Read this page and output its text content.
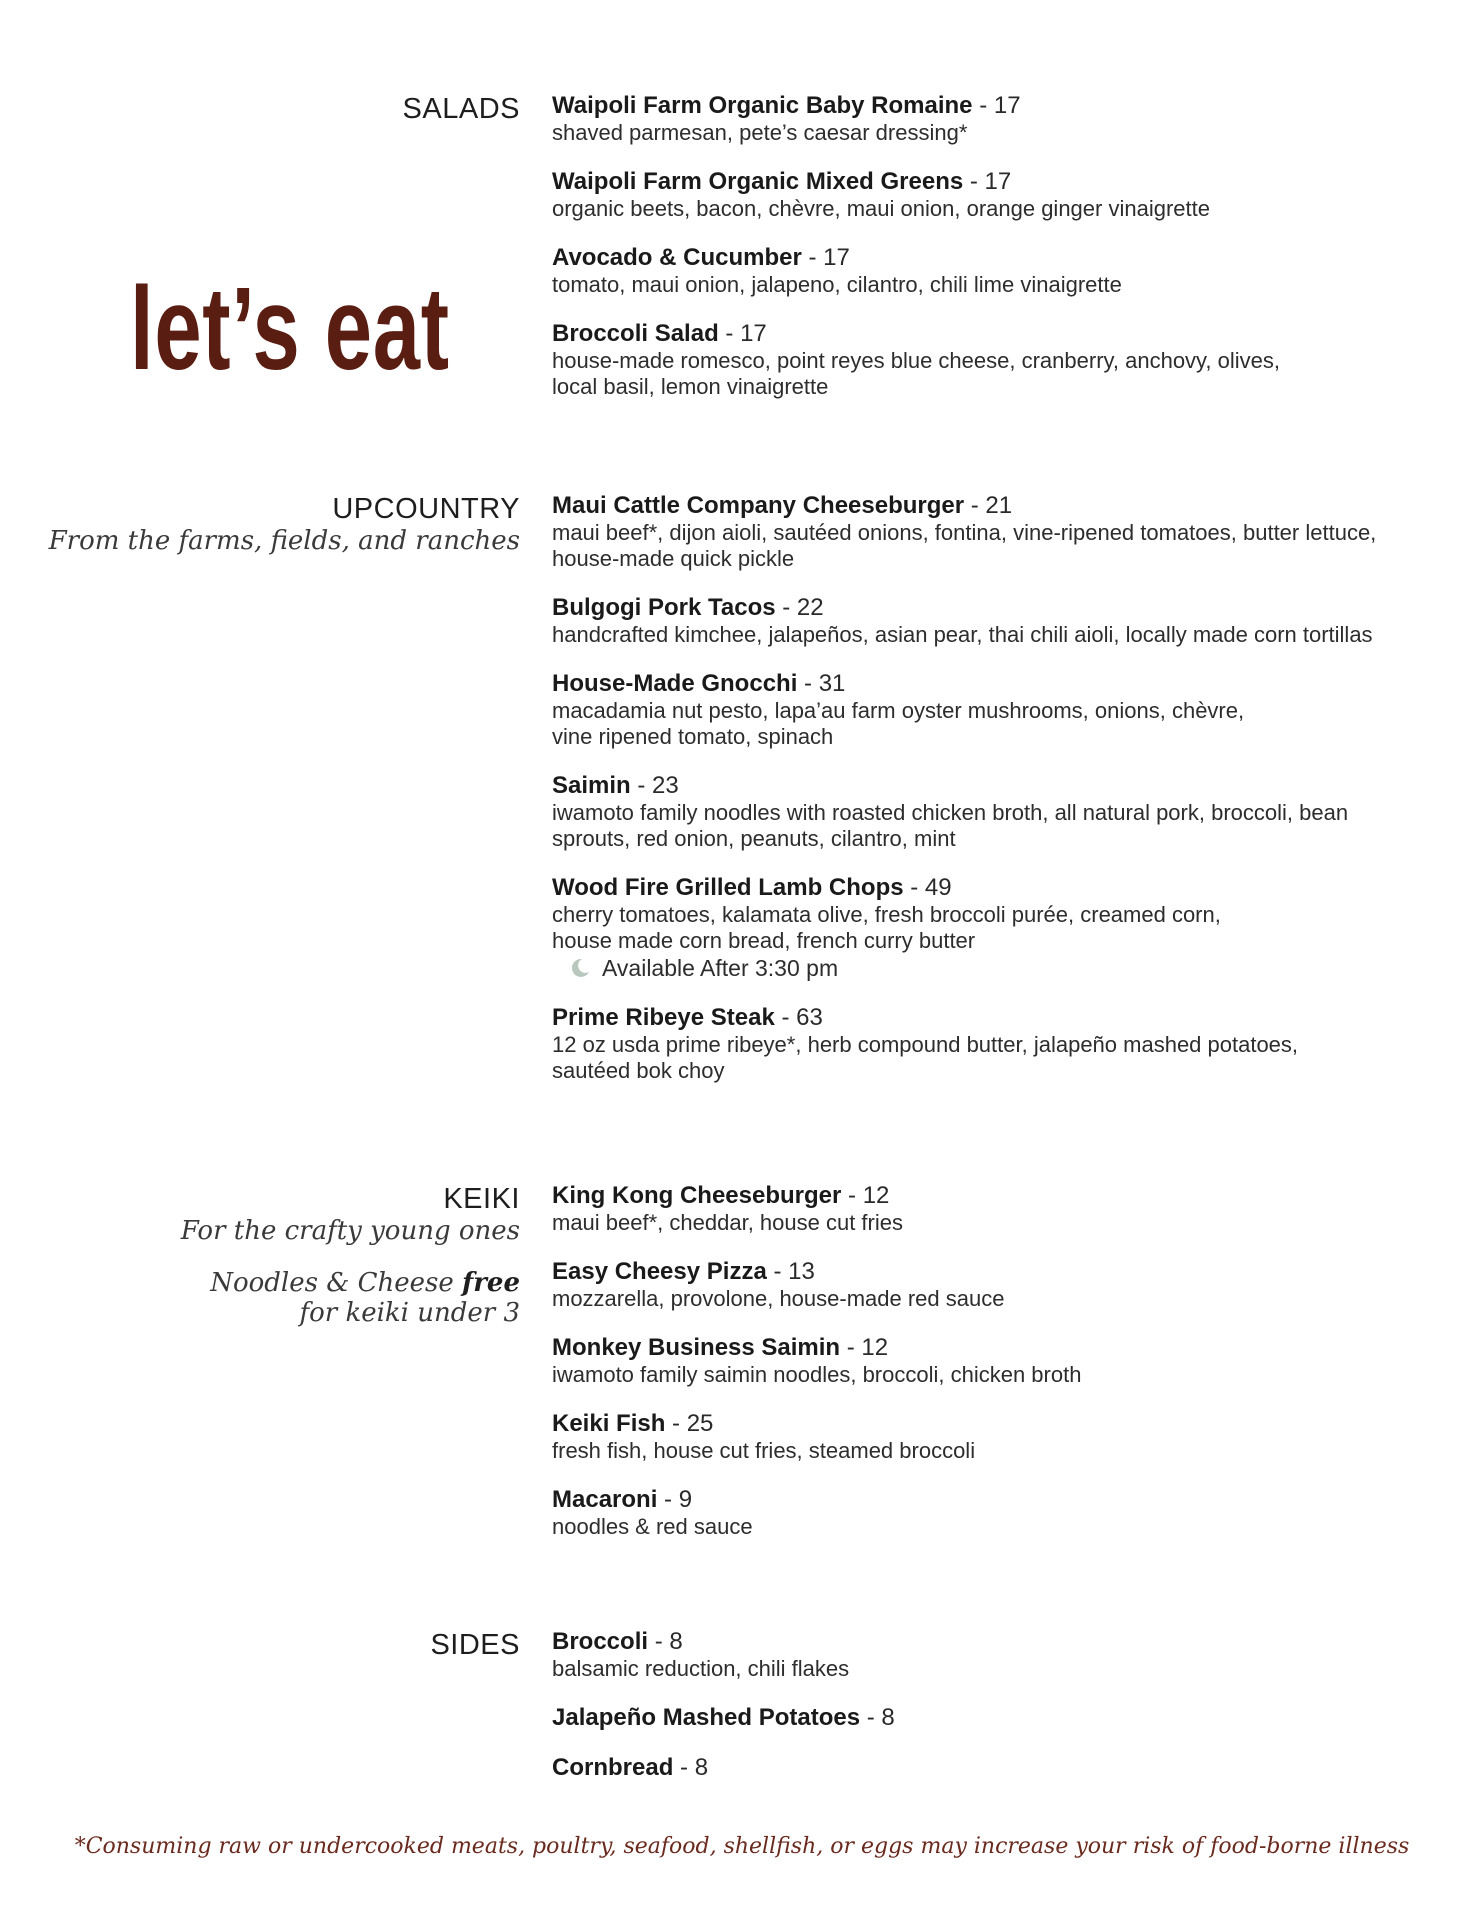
let’s eat
SALADS Waipoli Farm Organic Baby Romaine - 17
shaved parmesan, pete’s caesar dressing*
Waipoli Farm Organic Mixed Greens - 17
organic beets, bacon, chèvre, maui onion, orange ginger vinaigrette
Avocado & Cucumber - 17
tomato, maui onion, jalapeno, cilantro, chili lime vinaigrette
Broccoli Salad - 17
house-made romesco, point reyes blue cheese, cranberry, anchovy, olives,
local basil, lemon vinaigrette
UPCOUNTRY
From the farms, fields, and ranches
Maui Cattle Company Cheeseburger - 21
maui beef*, dijon aioli, sautéed onions, fontina, vine-ripened tomatoes, butter lettuce,
house-made quick pickle
Bulgogi Pork Tacos - 22
handcrafted kimchee, jalapeños, asian pear, thai chili aioli, locally made corn tortillas
House-Made Gnocchi - 31
macadamia nut pesto, lapa’au farm oyster mushrooms, onions, chèvre,
vine ripened tomato, spinach
Saimin - 23
iwamoto family noodles with roasted chicken broth, all natural pork, broccoli, bean
sprouts, red onion, peanuts, cilantro, mint
Wood Fire Grilled Lamb Chops - 49
cherry tomatoes, kalamata olive, fresh broccoli purée, creamed corn,
house made corn bread, french curry butter
Available After 3:30 pm
Prime Ribeye Steak - 63
12 oz usda prime ribeye*, herb compound butter, jalapeño mashed potatoes,
sautéed bok choy
KEIKI
For the crafty young ones
Noodles & Cheese free
for keiki under 3
King Kong Cheeseburger - 12
maui beef*, cheddar, house cut fries
Easy Cheesy Pizza - 13
mozzarella, provolone, house-made red sauce
Monkey Business Saimin - 12
iwamoto family saimin noodles, broccoli, chicken broth
Keiki Fish - 25
fresh fish, house cut fries, steamed broccoli
Macaroni - 9
noodles & red sauce
SIDES Broccoli - 8
balsamic reduction, chili flakes
Jalapeño Mashed Potatoes - 8
Cornbread - 8
*Consuming raw or undercooked meats, poultry, seafood, shellfish, or eggs may increase your risk of food-borne illness
